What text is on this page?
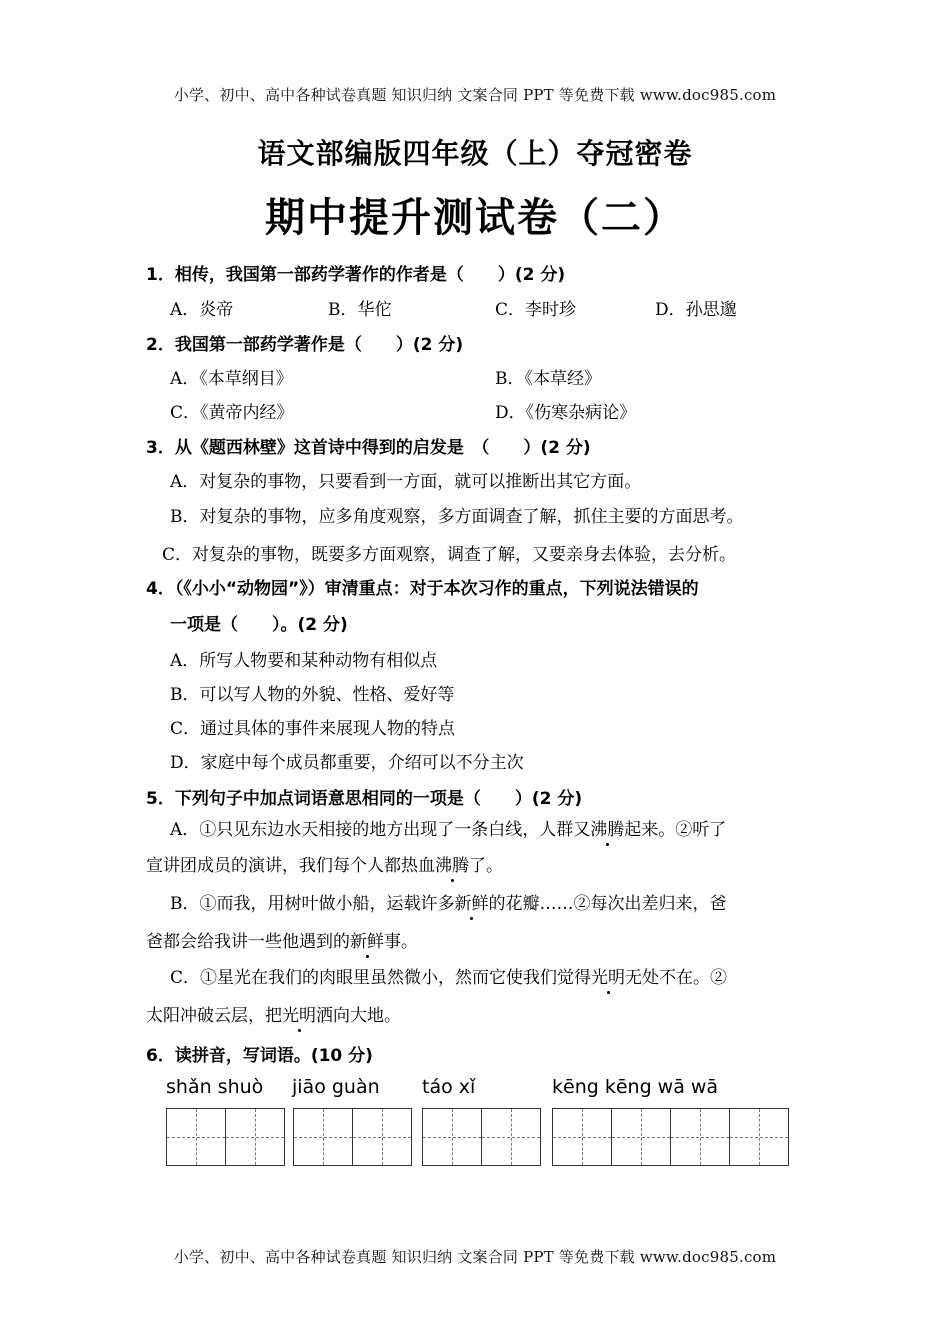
小学、初中、高中各种试卷真题 知识归纳 文案合同 PPT 等免费下载 www.doc985.com
语文部编版四年级（上）夺冠密卷
期中提升测试卷（二）
1．相传，我国第一部药学著作的作者是（　　）(2 分)
A．炎帝	B．华佗	C．李时珍	D．孙思邈
2．我国第一部药学著作是（　　）(2 分)
A．《本草纲目》	B．《本草经》
C．《黄帝内经》	D．《伤寒杂病论》
3．从《题西林壁》这首诗中得到的启发是　（　　）(2 分)
A．对复杂的事物，只要看到一方面，就可以推断出其它方面。
B．对复杂的事物，应多角度观察，多方面调查了解，抓住主要的方面思考。
C．对复杂的事物，既要多方面观察，调查了解，又要亲身去体验，去分析。
4．（《小小“动物园”》）审清重点：对于本次习作的重点，下列说法错误的
一项是（　　）。(2 分)
A．所写人物要和某种动物有相似点
B．可以写人物的外貌、性格、爱好等
C．通过具体的事件来展现人物的特点
D．家庭中每个成员都重要，介绍可以不分主次
5．下列句子中加点词语意思相同的一项是（　　）(2 分)
A．①只见东边水天相接的地方出现了一条白线，人群又沸腾起来。②听了
宣讲团成员的演讲，我们每个人都热血沸腾了。
B．①而我，用树叶做小船，运载许多新鲜的花瓣……②每次出差归来，爸
爸都会给我讲一些他遇到的新鲜事。
C．①星光在我们的肉眼里虽然微小，然而它使我们觉得光明无处不在。②
太阳冲破云层，把光明洒向大地。
6．读拼音，写词语。(10 分)
shǎn shuò jiāo guàn táo xǐ	kēng kēng wā wā
小学、初中、高中各种试卷真题 知识归纳 文案合同 PPT 等免费下载 www.doc985.com
